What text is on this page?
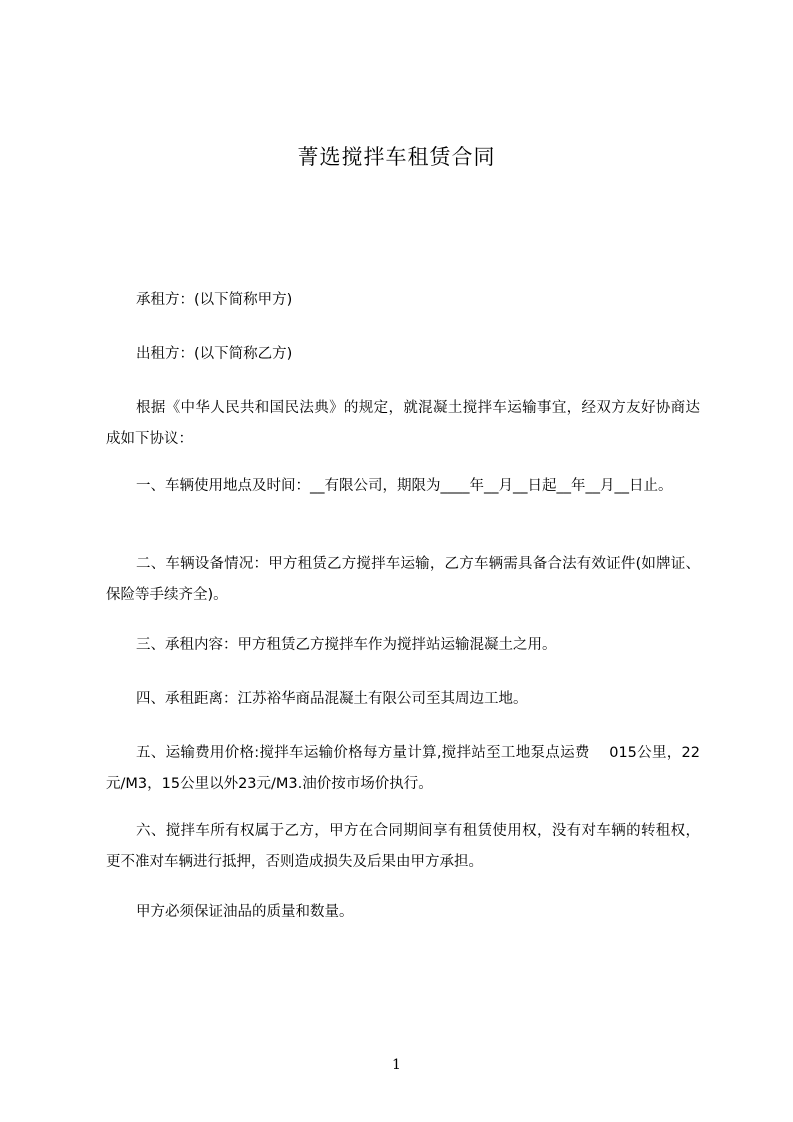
菁选搅拌车租赁合同
承租方：(以下简称甲方)
出租方：(以下简称乙方)
根据《中华人民共和国民法典》的规定，就混凝土搅拌车运输事宜，经双方友好协商达成如下协议：
一、车辆使用地点及时间：__有限公司，期限为____年__月__日起__年__月__日止。
二、车辆设备情况：甲方租赁乙方搅拌车运输，乙方车辆需具备合法有效证件(如牌证、保险等手续齐全)。
三、承租内容：甲方租赁乙方搅拌车作为搅拌站运输混凝土之用。
四、承租距离：江苏裕华商品混凝土有限公司至其周边工地。
五、运输费用价格:搅拌车运输价格每方量计算,搅拌站至工地泵点运费    015公里，22元/M3，15公里以外23元/M3.油价按市场价执行。
六、搅拌车所有权属于乙方，甲方在合同期间享有租赁使用权，没有对车辆的转租权，更不准对车辆进行抵押，否则造成损失及后果由甲方承担。
甲方必须保证油品的质量和数量。
1
